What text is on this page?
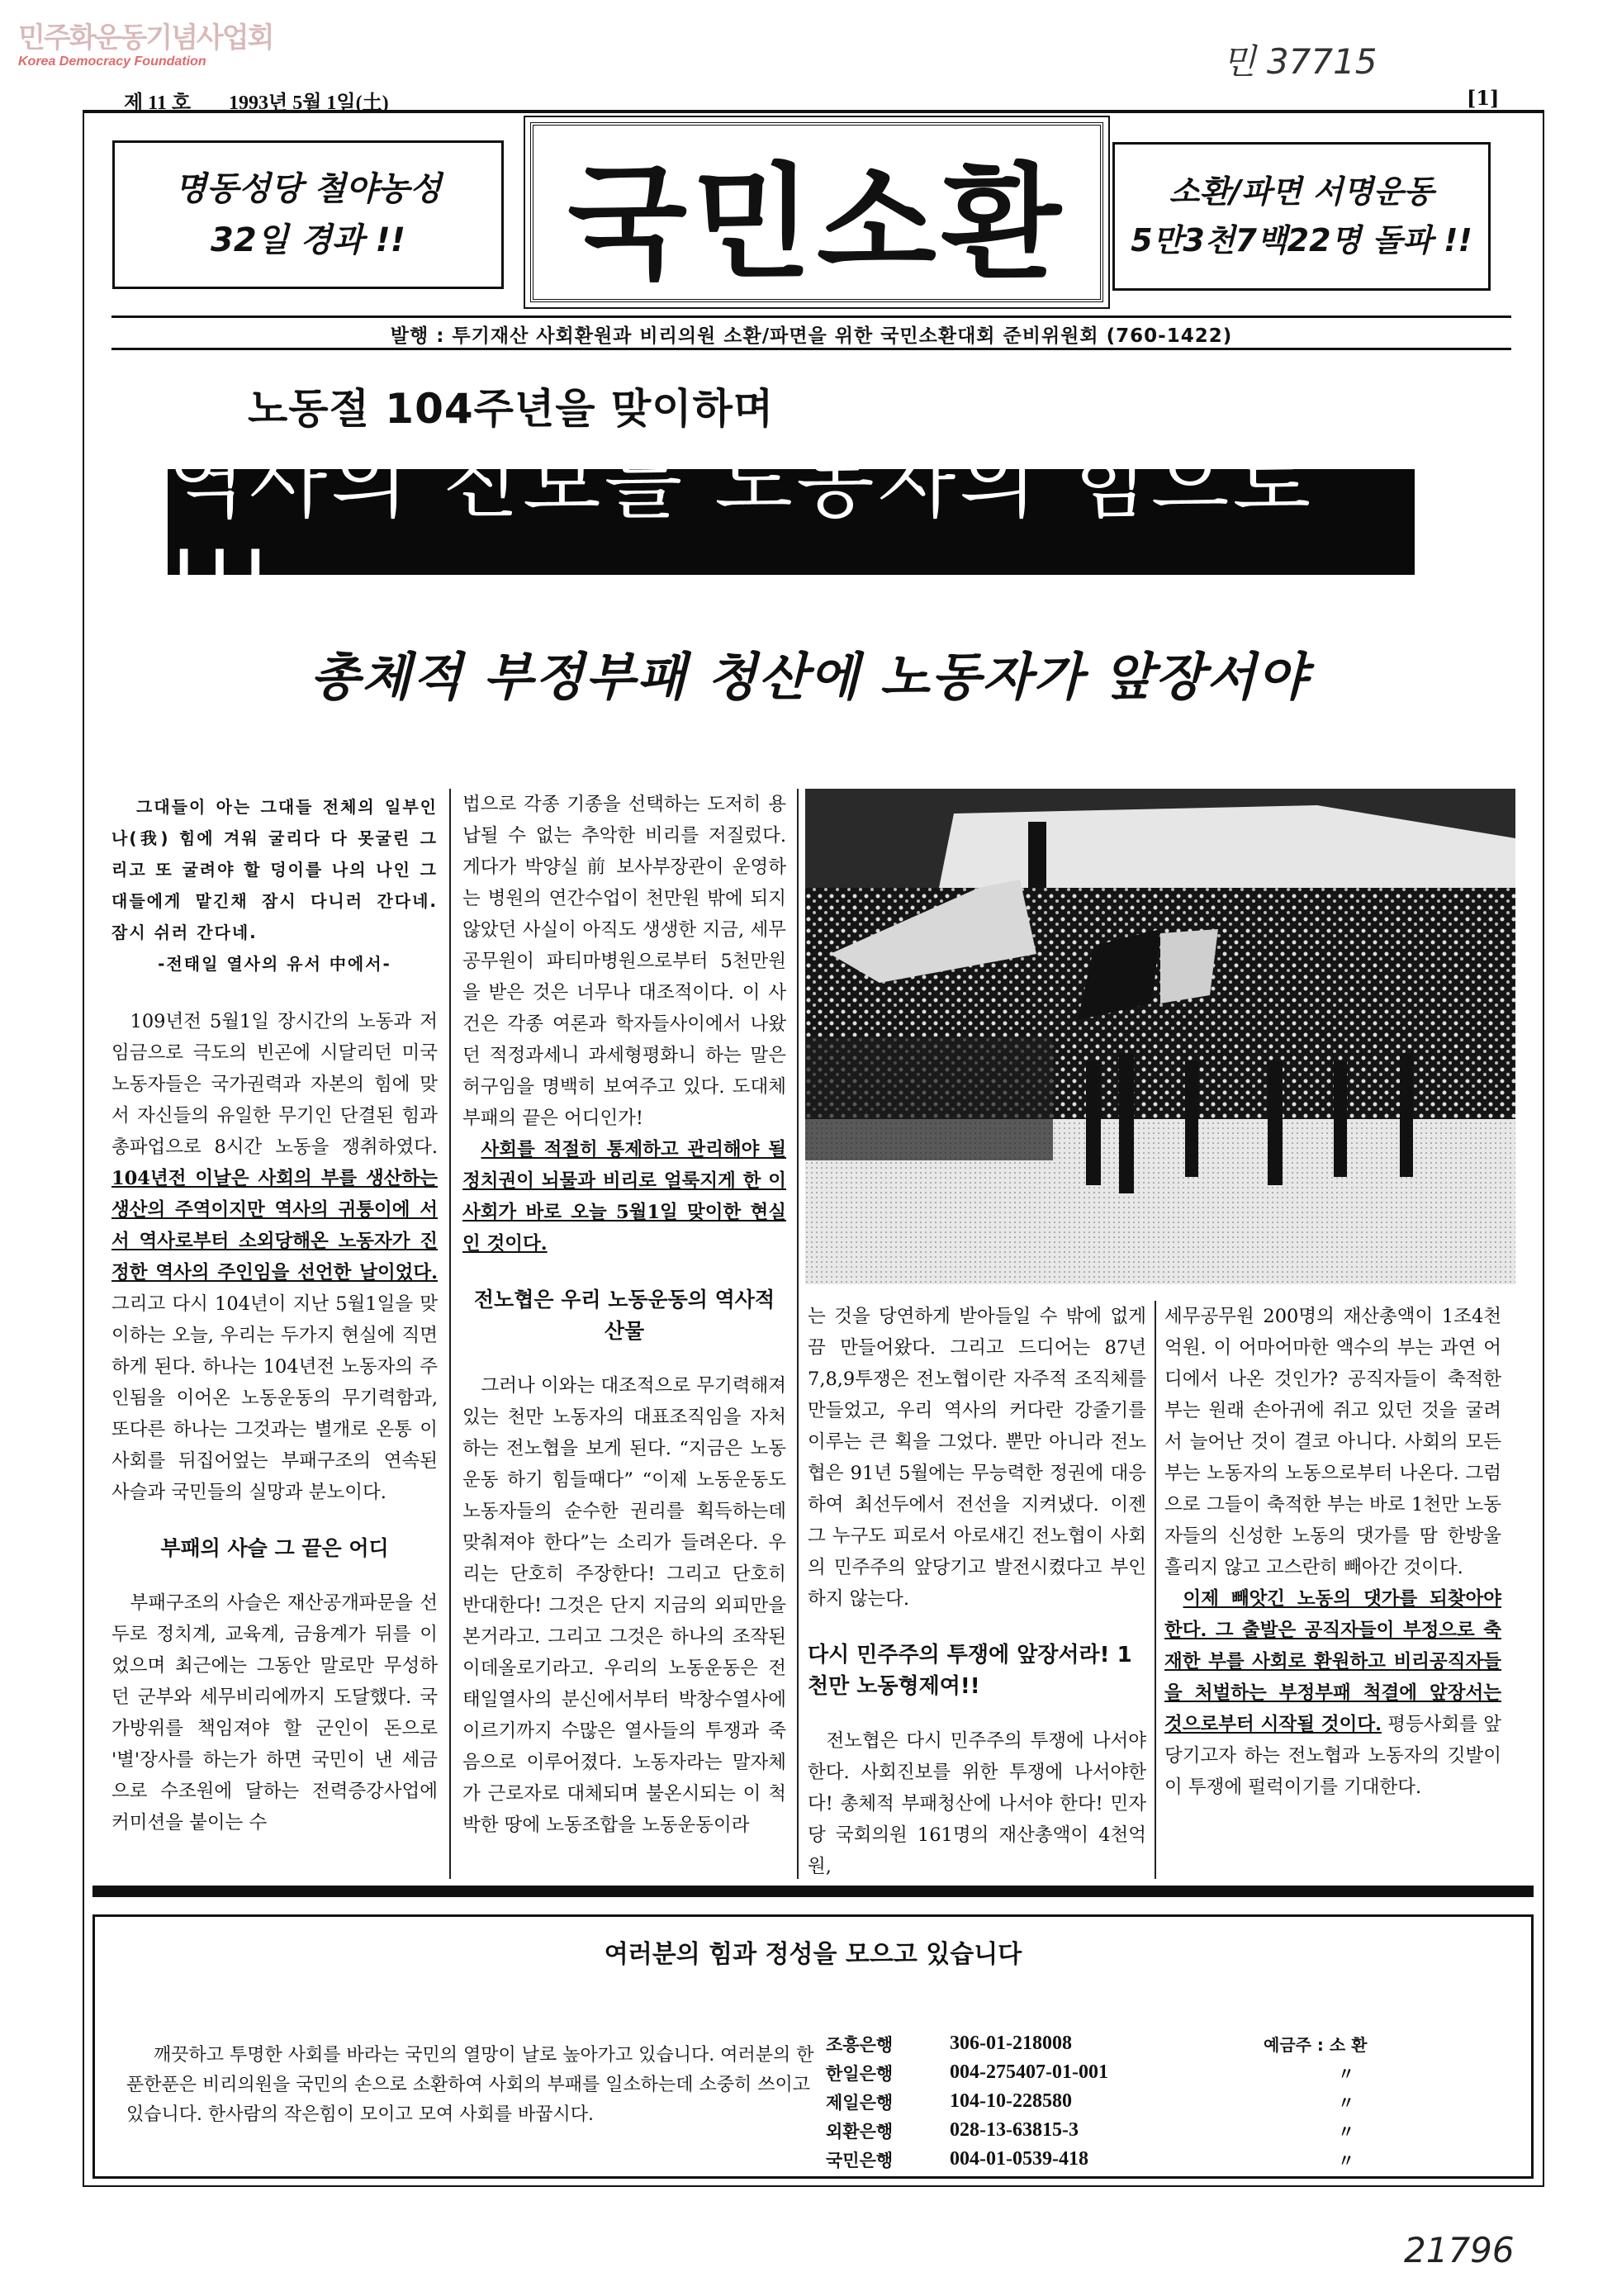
민주화운동기념사업회
Korea Democracy Foundation	민 37715
제 11 호 1993년 5월 1일(土)	[1]
명동성당 철야농성
32일 경과 !!	국민소환	소환/파면 서명운동
5만3천7백22명 돌파 !!
발행 : 투기재산 사회환원과 비리의원 소환/파면을 위한 국민소환대회 준비위원회 (760-1422)
노동절 104주년을 맞이하며
역사의 진보를 노동자의 힘으로 !!!
총체적 부정부패 청산에 노동자가 앞장서야
그대들이 아는 그대들 전체의 일부인 나(我) 힘에 겨워 굴리다 다 못굴린 그리고 또 굴려야 할 덩이를 나의 나인 그대들에게 맡긴채 잠시 다니러 간다네. 잠시 쉬러 간다네.
-전태일 열사의 유서 中에서-

109년전 5월1일 장시간의 노동과 저임금으로 극도의 빈곤에 시달리던 미국노동자들은 국가권력과 자본의 힘에 맞서 자신들의 유일한 무기인 단결된 힘과 총파업으로 8시간 노동을 쟁취하였다. 104년전 이날은 사회의 부를 생산하는 생산의 주역이지만 역사의 귀퉁이에 서서 역사로부터 소외당해온 노동자가 진정한 역사의 주인임을 선언한 날이었다. 그리고 다시 104년이 지난 5월1일을 맞이하는 오늘, 우리는 두가지 현실에 직면하게 된다. 하나는 104년전 노동자의 주인됨을 이어온 노동운동의 무기력함과, 또다른 하나는 그것과는 별개로 온통 이 사회를 뒤집어엎는 부패구조의 연속된 사슬과 국민들의 실망과 분노이다.

부패의 사슬 그 끝은 어디

부패구조의 사슬은 재산공개파문을 선두로 정치계, 교육계, 금융계가 뒤를 이었으며 최근에는 그동안 말로만 무성하던 군부와 세무비리에까지 도달했다. 국가방위를 책임져야 할 군인이 돈으로 '별'장사를 하는가 하면 국민이 낸 세금으로 수조원에 달하는 전력증강사업에 커미션을 붙이는 수

법으로 각종 기종을 선택하는 도저히 용납될 수 없는 추악한 비리를 저질렀다. 게다가 박양실 前 보사부장관이 운영하는 병원의 연간수업이 천만원 밖에 되지 않았던 사실이 아직도 생생한 지금, 세무공무원이 파티마병원으로부터 5천만원을 받은 것은 너무나 대조적이다. 이 사건은 각종 여론과 학자들사이에서 나왔던 적정과세니 과세형평화니 하는 말은 허구임을 명백히 보여주고 있다. 도대체 부패의 끝은 어디인가!

사회를 적절히 통제하고 관리해야 될 정치권이 뇌물과 비리로 얼룩지게 한 이 사회가 바로 오늘 5월1일 맞이한 현실인 것이다.

전노협은 우리 노동운동의 역사적 산물

그러나 이와는 대조적으로 무기력해져 있는 천만 노동자의 대표조직임을 자처하는 전노협을 보게 된다. “지금은 노동운동 하기 힘들때다” “이제 노동운동도 노동자들의 순수한 권리를 획득하는데 맞춰져야 한다”는 소리가 들려온다. 우리는 단호히 주장한다! 그리고 단호히 반대한다! 그것은 단지 지금의 외피만을 본거라고. 그리고 그것은 하나의 조작된 이데올로기라고. 우리의 노동운동은 전태일열사의 분신에서부터 박창수열사에 이르기까지 수많은 열사들의 투쟁과 죽음으로 이루어졌다. 노동자라는 말자체가 근로자로 대체되며 불온시되는 이 척박한 땅에 노동조합을 노동운동이라

는 것을 당연하게 받아들일 수 밖에 없게끔 만들어왔다. 그리고 드디어는 87년 7,8,9투쟁은 전노협이란 자주적 조직체를 만들었고, 우리 역사의 커다란 강줄기를 이루는 큰 획을 그었다. 뿐만 아니라 전노협은 91년 5월에는 무능력한 정권에 대응하여 최선두에서 전선을 지켜냈다. 이젠 그 누구도 피로서 아로새긴 전노협이 사회의 민주주의 앞당기고 발전시켰다고 부인하지 않는다.

다시 민주주의 투쟁에 앞장서라! 1천만 노동형제여!!

전노협은 다시 민주주의 투쟁에 나서야 한다. 사회진보를 위한 투쟁에 나서야한다! 총체적 부패청산에 나서야 한다! 민자당 국회의원 161명의 재산총액이 4천억원,

세무공무원 200명의 재산총액이 1조4천억원. 이 어마어마한 액수의 부는 과연 어디에서 나온 것인가? 공직자들이 축적한 부는 원래 손아귀에 쥐고 있던 것을 굴려서 늘어난 것이 결코 아니다. 사회의 모든 부는 노동자의 노동으로부터 나온다. 그럼으로 그들이 축적한 부는 바로 1천만 노동자들의 신성한 노동의 댓가를 땀 한방울 흘리지 않고 고스란히 빼아간 것이다.

이제 빼앗긴 노동의 댓가를 되찾아야 한다. 그 출발은 공직자들이 부정으로 축재한 부를 사회로 환원하고 비리공직자들을 처벌하는 부정부패 척결에 앞장서는 것으로부터 시작될 것이다. 평등사회를 앞당기고자 하는 전노협과 노동자의 깃발이 이 투쟁에 펄럭이기를 기대한다.

여러분의 힘과 정성을 모으고 있습니다

깨끗하고 투명한 사회를 바라는 국민의 열망이 날로 높아가고 있습니다. 여러분의 한푼한푼은 비리의원을 국민의 손으로 소환하여 사회의 부패를 일소하는데 소중히 쓰이고 있습니다. 한사람의 작은힘이 모이고 모여 사회를 바꿉시다.

조흥은행	306-01-218008	예금주 : 소 환
한일은행	004-275407-01-001	〃
제일은행	104-10-228580	〃
외환은행	028-13-63815-3	〃
국민은행	004-01-0539-418	〃
21796
